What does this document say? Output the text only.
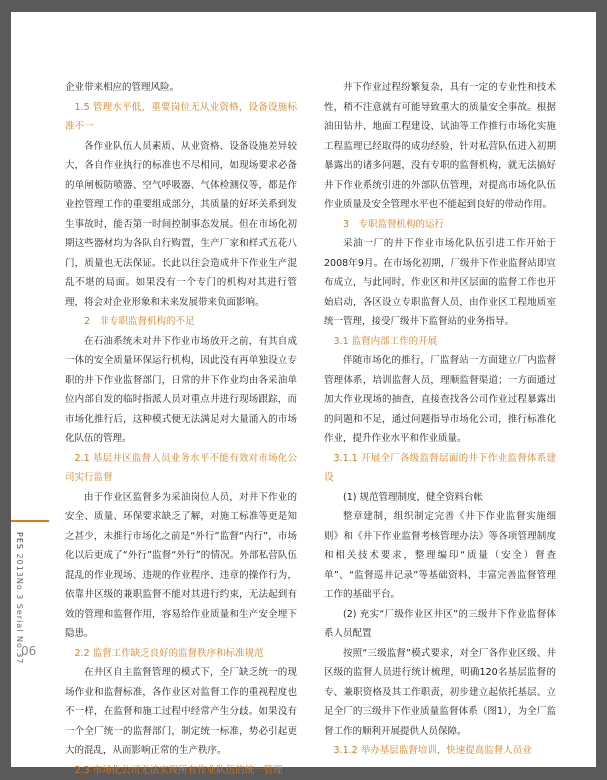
PES 2013No.3 Serial No.37
06

企业带来相应的管理风险。

1.5 管理水平低，重要岗位无从业资格，设备设施标准不一

各作业队伍人员素质、从业资格、设备设施差异较大，各自作业执行的标准也不尽相同，如现场要求必备的单闸板防喷器、空气呼吸器、气体检测仪等，都是作业控管理工作的重要组成部分，其质量的好坏关系到发生事故时，能否第一时间控制事态发展。但在市场化初期这些器材均为各队自行购置，生产厂家和样式五花八门，质量也无法保证。长此以往会造成井下作业生产混乱不堪的局面。如果没有一个专门的机构对其进行管理，将会对企业形象和未来发展带来负面影响。

2　非专职监督机构的不足

在石油系统未对井下作业市场放开之前，有其自成一体的安全质量环保运行机构，因此没有再单独设立专职的井下作业监督部门，日常的井下作业均由各采油单位内部自发的临时指派人员对重点井进行现场跟踪，而市场化推行后，这种模式便无法满足对大量涌入的市场化队伍的管理。

2.1 基层井区监督人员业务水平不能有效对市场化公司实行监督

由于作业区监督多为采油岗位人员，对井下作业的安全、质量、环保要求缺乏了解，对施工标准等更是知之甚少，未推行市场化之前是“外行”监督“内行”，市场化以后更成了“外行”监督“外行”的情况。外部私营队伍混乱的作业现场、违规的作业程序、违章的操作行为，依靠井区级的兼职监督不能对其进行约束，无法起到有效的管理和监督作用，容易给作业质量和生产安全埋下隐患。

2.2 监督工作缺乏良好的监督秩序和标准规范

在井区自主监督管理的模式下，全厂缺乏统一的现场作业和监督标准，各作业区对监督工作的重视程度也不一样，在监督和施工过程中经常产生分歧。如果没有一个全厂统一的监督部门，制定统一标准，势必引起更大的混乱，从而影响正常的生产秩序。

2.3 市场化公司无法实现所有作业队伍的统一管理

井下作业过程纷繁复杂，具有一定的专业性和技术性，稍不注意就有可能导致重大的质量安全事故。根据油田钻井、地面工程建设、试油等工作推行市场化实施工程监理已经取得的成功经验，针对私营队伍进入初期暴露出的诸多问题，没有专职的监督机构，就无法搞好井下作业系统引进的外部队伍管理，对提高市场化队伍作业质量及安全管理水平也不能起到良好的带动作用。

3　专职监督机构的运行

采油一厂的井下作业市场化队伍引进工作开始于2008年9月。在市场化初期，厂级井下作业监督站即宣布成立，与此同时，作业区和井区层面的监督工作也开始启动，各区设立专职监督人员，由作业区工程地质室统一管理，接受厂级井下监督站的业务指导。

3.1 监督内部工作的开展

伴随市场化的推行，厂监督站一方面建立厂内监督管理体系，培训监督人员，理顺监督渠道；一方面通过加大作业现场的抽查，直接查找各公司作业过程暴露出的问题和不足，通过问题指导市场化公司，推行标准化作业，提升作业水平和作业质量。

3.1.1 开展全厂各级监督层面的井下作业监督体系建设

(1) 规范管理制度，健全资料台帐

整章建制，组织制定完善《井下作业监督实施细则》和《井下作业监督考核管理办法》等各项管理制度和相关技术要求，整理编印“质量（安全）督查单”、“监督巡井记录”等基础资料，丰富完善监督管理工作的基础平台。

(2) 充实“厂级作业区井区”的三级井下作业监督体系人员配置

按照“三级监督”模式要求，对全厂各作业区级、井区级的监督人员进行统计梳理，明确120名基层监督的专、兼职资格及其工作职责，初步建立起依托基层、立足全厂的三级井下作业质量监督体系（图1），为全厂监督工作的顺利开展提供人员保障。

3.1.2 举办基层监督培训，快速提高监督人员业
